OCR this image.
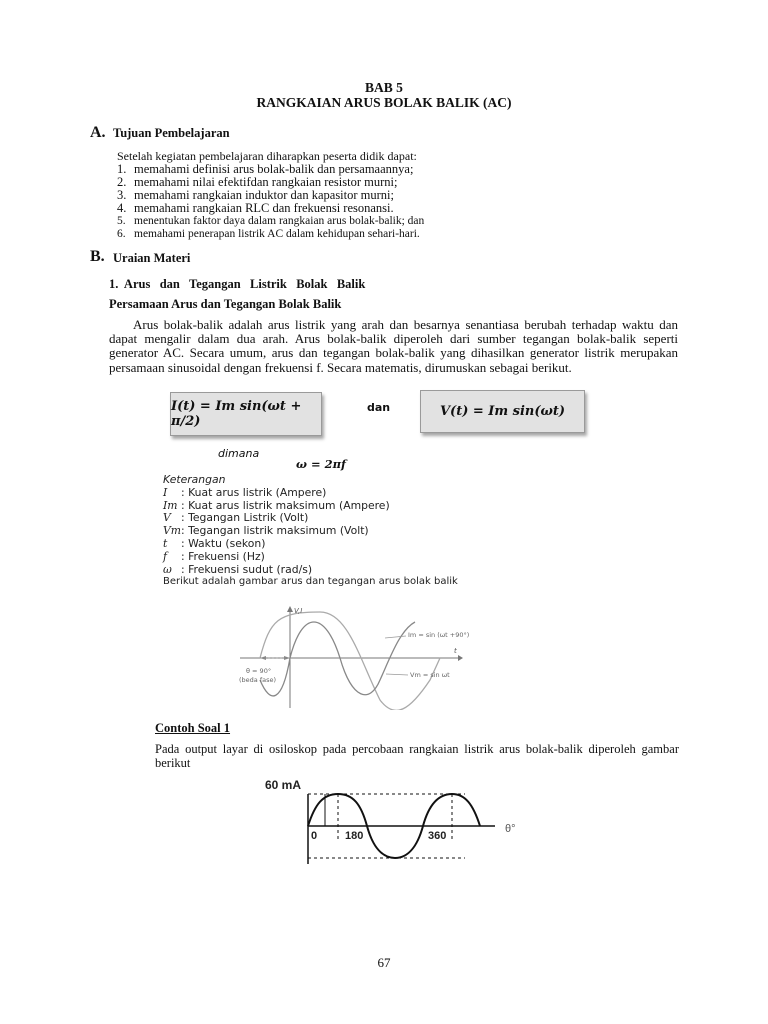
BAB 5
RANGKAIAN ARUS BOLAK BALIK (AC)
A. Tujuan Pembelajaran
Setelah kegiatan pembelajaran diharapkan peserta didik dapat:
1. memahami definisi arus bolak-balik dan persamaannya;
2. memahami nilai efektifdan rangkaian resistor murni;
3. memahami rangkaian induktor dan kapasitor murni;
4. memahami rangkaian RLC dan frekuensi resonansi.
5. menentukan faktor daya dalam rangkaian arus bolak-balik; dan
6. memahami penerapan listrik AC dalam kehidupan sehari-hari.
B. Uraian Materi
1.  Arus   dan   Tegangan   Listrik   Bolak   Balik
Persamaan Arus dan Tegangan Bolak Balik

Arus bolak-balik adalah arus listrik yang arah dan besarnya senantiasa berubah terhadap waktu dan dapat mengalir dalam dua arah. Arus bolak-balik diperoleh dari sumber tegangan bolak-balik seperti generator AC. Secara umum, arus dan tegangan bolak-balik yang dihasilkan generator listrik merupakan persamaan sinusoidal dengan frekuensi f. Secara matematis, dirumuskan sebagai berikut.

I(t) = Im sin(ωt + π/2)
dan	V(t) = Im sin(ωt)
dimana
ω = 2πf
Keterangan
I : Kuat arus listrik (Ampere)
Im : Kuat arus listrik maksimum (Ampere)
V : Tegangan Listrik (Volt)
Vm: Tegangan listrik maksimum (Volt)
t : Waktu (sekon)
f : Frekuensi (Hz)
ω : Frekuensi sudut (rad/s)
Berikut adalah gambar arus dan tegangan arus bolak balik
V,I
t
Im = sin (ωt +90°)
Vm = sin ωt
θ = 90°
(beda fase)
Contoh Soal 1
Pada output layar di osiloskop pada percobaan rangkaian listrik arus bolak-balik diperoleh gambar berikut
60 mA
0	180	360
θ°
67
